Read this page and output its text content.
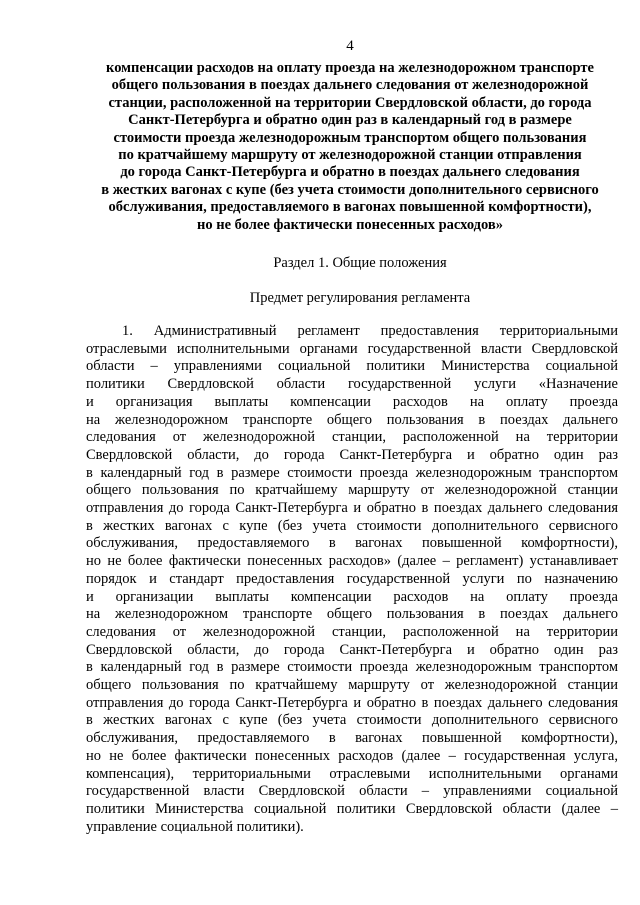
4
компенсации расходов на оплату проезда на железнодорожном транспорте
общего пользования в поездах дальнего следования от железнодорожной
станции, расположенной на территории Свердловской области, до города
Санкт-Петербурга и обратно один раз в календарный год в размере
стоимости проезда железнодорожным транспортом общего пользования
по кратчайшему маршруту от железнодорожной станции отправления
до города Санкт-Петербурга и обратно в поездах дальнего следования
в жестких вагонах с купе (без учета стоимости дополнительного сервисного
обслуживания, предоставляемого в вагонах повышенной комфортности),
но не более фактически понесенных расходов»
Раздел 1. Общие положения
Предмет регулирования регламента
1. Административный регламент предоставления территориальными
отраслевыми исполнительными органами государственной власти Свердловской
области – управлениями социальной политики Министерства социальной
политики Свердловской области государственной услуги «Назначение
и организация выплаты компенсации расходов на оплату проезда
на железнодорожном транспорте общего пользования в поездах дальнего
следования от железнодорожной станции, расположенной на территории
Свердловской области, до города Санкт-Петербурга и обратно один раз
в календарный год в размере стоимости проезда железнодорожным транспортом
общего пользования по кратчайшему маршруту от железнодорожной станции
отправления до города Санкт-Петербурга и обратно в поездах дальнего следования
в жестких вагонах с купе (без учета стоимости дополнительного сервисного
обслуживания, предоставляемого в вагонах повышенной комфортности),
но не более фактически понесенных расходов» (далее – регламент) устанавливает
порядок и стандарт предоставления государственной услуги по назначению
и организации выплаты компенсации расходов на оплату проезда
на железнодорожном транспорте общего пользования в поездах дальнего
следования от железнодорожной станции, расположенной на территории
Свердловской области, до города Санкт-Петербурга и обратно один раз
в календарный год в размере стоимости проезда железнодорожным транспортом
общего пользования по кратчайшему маршруту от железнодорожной станции
отправления до города Санкт-Петербурга и обратно в поездах дальнего следования
в жестких вагонах с купе (без учета стоимости дополнительного сервисного
обслуживания, предоставляемого в вагонах повышенной комфортности),
но не более фактически понесенных расходов (далее – государственная услуга,
компенсация), территориальными отраслевыми исполнительными органами
государственной власти Свердловской области – управлениями социальной
политики Министерства социальной политики Свердловской области (далее –
управление социальной политики).
